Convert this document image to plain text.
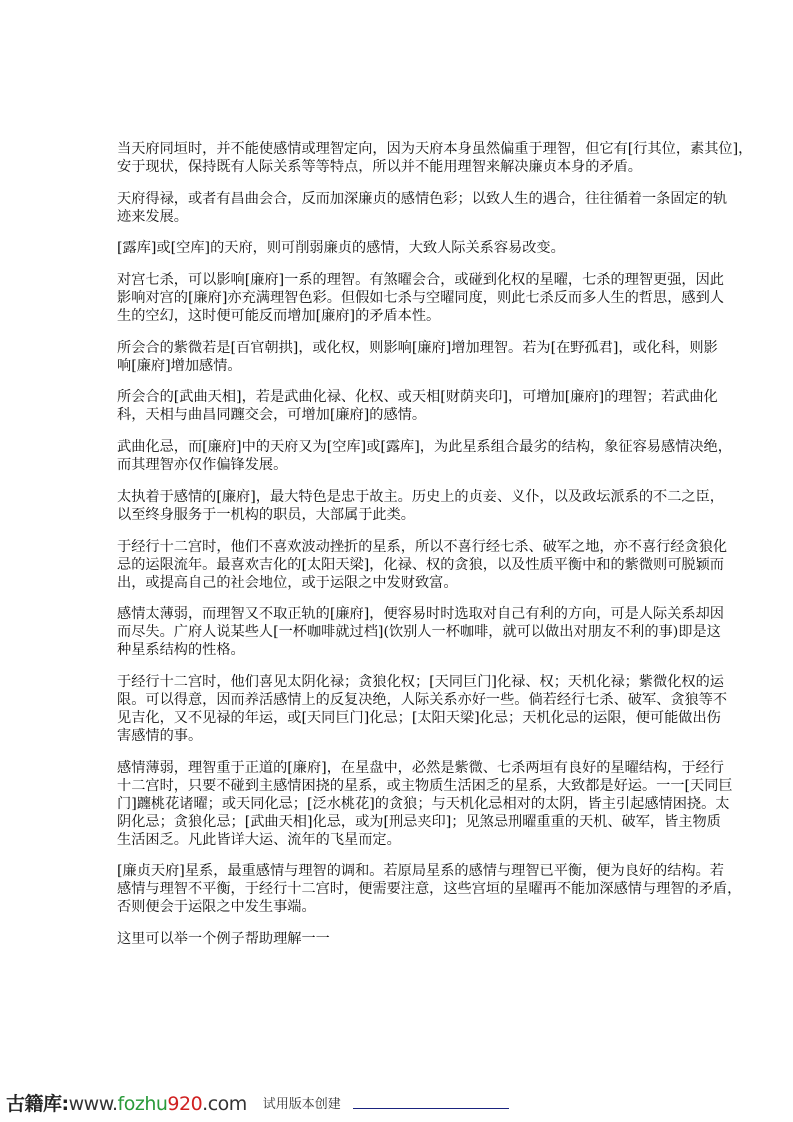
当天府同垣时，并不能使感情或理智定向，因为天府本身虽然偏重于理智，但它有[行其位，素其位]，
安于现状，保持既有人际关系等等特点，所以并不能用理智来解决廉贞本身的矛盾。

天府得禄，或者有昌曲会合，反而加深廉贞的感情色彩；以致人生的遇合，往往循着一条固定的轨
迹来发展。

[露库]或[空库]的天府，则可削弱廉贞的感情，大致人际关系容易改变。

对宫七杀，可以影响[廉府]一系的理智。有煞曜会合，或碰到化权的星曜，七杀的理智更强，因此
影响对宫的[廉府]亦充满理智色彩。但假如七杀与空曜同度，则此七杀反而多人生的哲思，感到人
生的空幻，这时便可能反而增加[廉府]的矛盾本性。

所会合的紫微若是[百官朝拱]，或化权，则影响[廉府]增加理智。若为[在野孤君]，或化科，则影
响[廉府]增加感情。

所会合的[武曲天相]，若是武曲化禄、化权、或天相[财荫夹印]，可增加[廉府]的理智；若武曲化
科，天相与曲昌同躔交会，可增加[廉府]的感情。

武曲化忌，而[廉府]中的天府又为[空库]或[露库]，为此星系组合最劣的结构，象征容易感情决绝，
而其理智亦仅作偏锋发展。

太执着于感情的[廉府]，最大特色是忠于故主。历史上的贞妾、义仆，以及政坛派系的不二之臣，
以至终身服务于一机构的职员，大部属于此类。

于经行十二宫时，他们不喜欢波动挫折的星系，所以不喜行经七杀、破军之地，亦不喜行经贪狼化
忌的运限流年。最喜欢吉化的[太阳天梁]，化禄、权的贪狼，以及性质平衡中和的紫微则可脱颖而
出，或提高自己的社会地位，或于运限之中发财致富。

感情太薄弱，而理智又不取正轨的[廉府]，便容易时时选取对自己有利的方向，可是人际关系却因
而尽失。广府人说某些人[一杯咖啡就过档](饮别人一杯咖啡，就可以做出对朋友不利的事)即是这
种星系结构的性格。

于经行十二宫时，他们喜见太阴化禄；贪狼化权；[天同巨门]化禄、权；天机化禄；紫微化权的运
限。可以得意，因而养活感情上的反复决绝，人际关系亦好一些。倘若经行七杀、破军、贪狼等不
见吉化，又不见禄的年运，或[天同巨门]化忌；[太阳天梁]化忌；天机化忌的运限，便可能做出伤
害感情的事。

感情薄弱，理智重于正道的[廉府]，在星盘中，必然是紫微、七杀两垣有良好的星曜结构，于经行
十二宫时，只要不碰到主感情困挠的星系，或主物质生活困乏的星系，大致都是好运。一一[天同巨
门]躔桃花诸曜；或天同化忌；[泛水桃花]的贪狼；与天机化忌相对的太阴，皆主引起感情困挠。太
阴化忌；贪狼化忌；[武曲天相]化忌，或为[刑忌夹印]；见煞忌刑曜重重的天机、破军，皆主物质
生活困乏。凡此皆详大运、流年的飞星而定。

[廉贞天府]星系，最重感情与理智的调和。若原局星系的感情与理智已平衡，便为良好的结构。若
感情与理智不平衡，于经行十二宫时，便需要注意，这些宫垣的星曜再不能加深感情与理智的矛盾，
否则便会于运限之中发生事端。

这里可以举一个例子帮助理解一一

古籍库:www.fozhu920.com 试用版本创建
